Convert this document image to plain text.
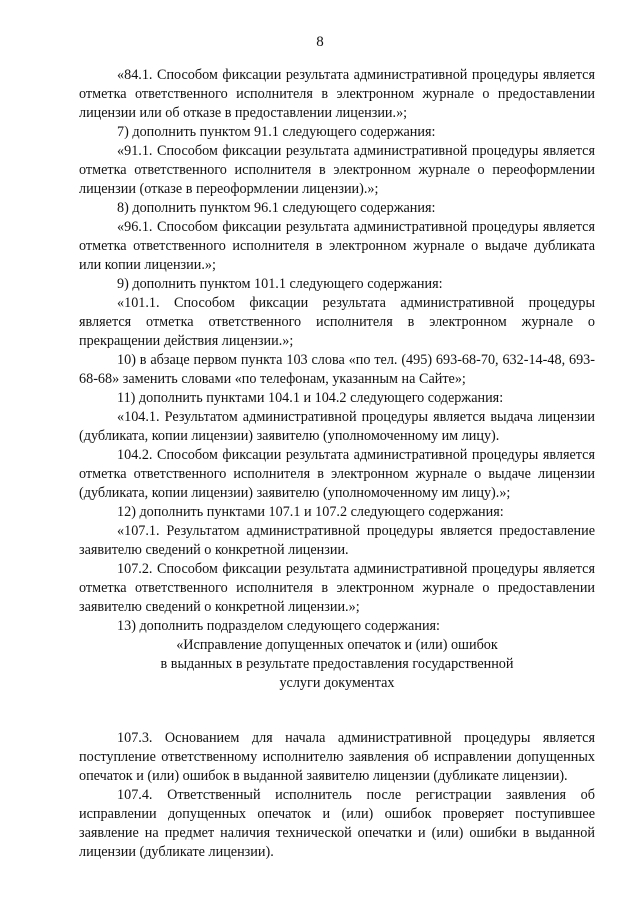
8

«84.1. Способом фиксации результата административной процедуры является отметка ответственного исполнителя в электронном журнале о предоставлении лицензии или об отказе в предоставлении лицензии.»;

7) дополнить пунктом 91.1 следующего содержания:

«91.1. Способом фиксации результата административной процедуры является отметка ответственного исполнителя в электронном журнале о переоформлении лицензии (отказе в переоформлении лицензии).»;

8) дополнить пунктом 96.1 следующего содержания:

«96.1. Способом фиксации результата административной процедуры является отметка ответственного исполнителя в электронном журнале о выдаче дубликата или копии лицензии.»;

9) дополнить пунктом 101.1 следующего содержания:

«101.1. Способом фиксации результата административной процедуры является отметка ответственного исполнителя в электронном журнале о прекращении действия лицензии.»;

10) в абзаце первом пункта 103 слова «по тел. (495) 693-68-70, 632-14-48, 693-68-68» заменить словами «по телефонам, указанным на Сайте»;

11) дополнить пунктами 104.1 и 104.2 следующего содержания:

«104.1. Результатом административной процедуры является выдача лицензии (дубликата, копии лицензии) заявителю (уполномоченному им лицу).

104.2. Способом фиксации результата административной процедуры является отметка ответственного исполнителя в электронном журнале о выдаче лицензии (дубликата, копии лицензии) заявителю (уполномоченному им лицу).»;

12) дополнить пунктами 107.1 и 107.2 следующего содержания:

«107.1. Результатом административной процедуры является предоставление заявителю сведений о конкретной лицензии.

107.2. Способом фиксации результата административной процедуры является отметка ответственного исполнителя в электронном журнале о предоставлении заявителю сведений о конкретной лицензии.»;

13) дополнить подразделом следующего содержания:

«Исправление допущенных опечаток и (или) ошибок

в выданных в результате предоставления государственной

услуги документах

107.3. Основанием для начала административной процедуры является поступление ответственному исполнителю заявления об исправлении допущенных опечаток и (или) ошибок в выданной заявителю лицензии (дубликате лицензии).

107.4. Ответственный исполнитель после регистрации заявления об исправлении допущенных опечаток и (или) ошибок проверяет поступившее заявление на предмет наличия технической опечатки и (или) ошибки в выданной лицензии (дубликате лицензии).
